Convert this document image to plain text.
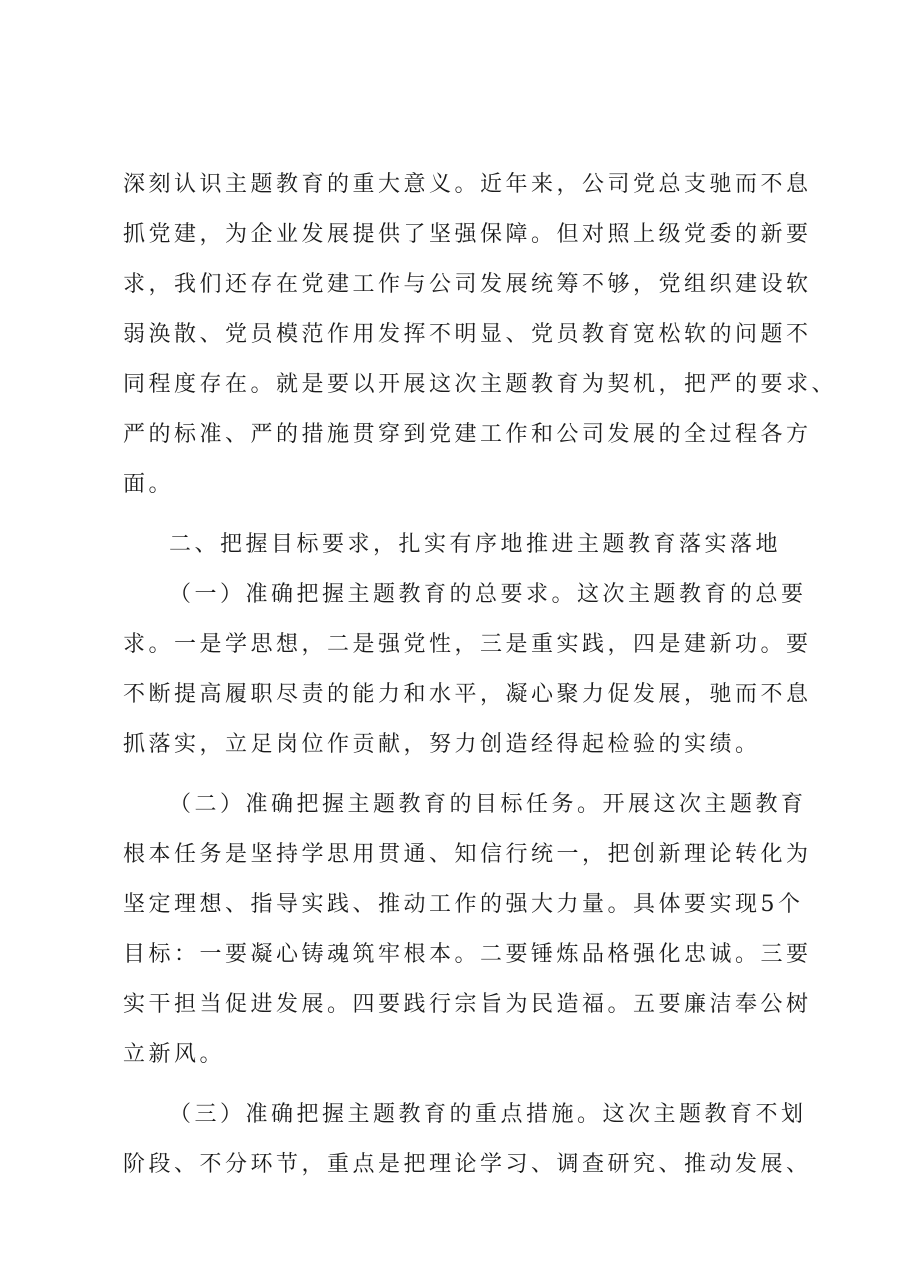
深刻认识主题教育的重大意义。近年来，公司党总支驰而不息
抓党建，为企业发展提供了坚强保障。但对照上级党委的新要
求，我们还存在党建工作与公司发展统筹不够，党组织建设软
弱涣散、党员模范作用发挥不明显、党员教育宽松软的问题不
同程度存在。就是要以开展这次主题教育为契机，把严的要求、
严的标准、严的措施贯穿到党建工作和公司发展的全过程各方
面。
二、把握目标要求，扎实有序地推进主题教育落实落地
（一）准确把握主题教育的总要求。这次主题教育的总要
求。一是学思想，二是强党性，三是重实践，四是建新功。要
不断提高履职尽责的能力和水平，凝心聚力促发展，驰而不息
抓落实，立足岗位作贡献，努力创造经得起检验的实绩。
（二）准确把握主题教育的目标任务。开展这次主题教育
根本任务是坚持学思用贯通、知信行统一，把创新理论转化为
坚定理想、指导实践、推动工作的强大力量。具体要实现5个
目标：一要凝心铸魂筑牢根本。二要锤炼品格强化忠诚。三要
实干担当促进发展。四要践行宗旨为民造福。五要廉洁奉公树
立新风。
（三）准确把握主题教育的重点措施。这次主题教育不划
阶段、不分环节，重点是把理论学习、调查研究、推动发展、
